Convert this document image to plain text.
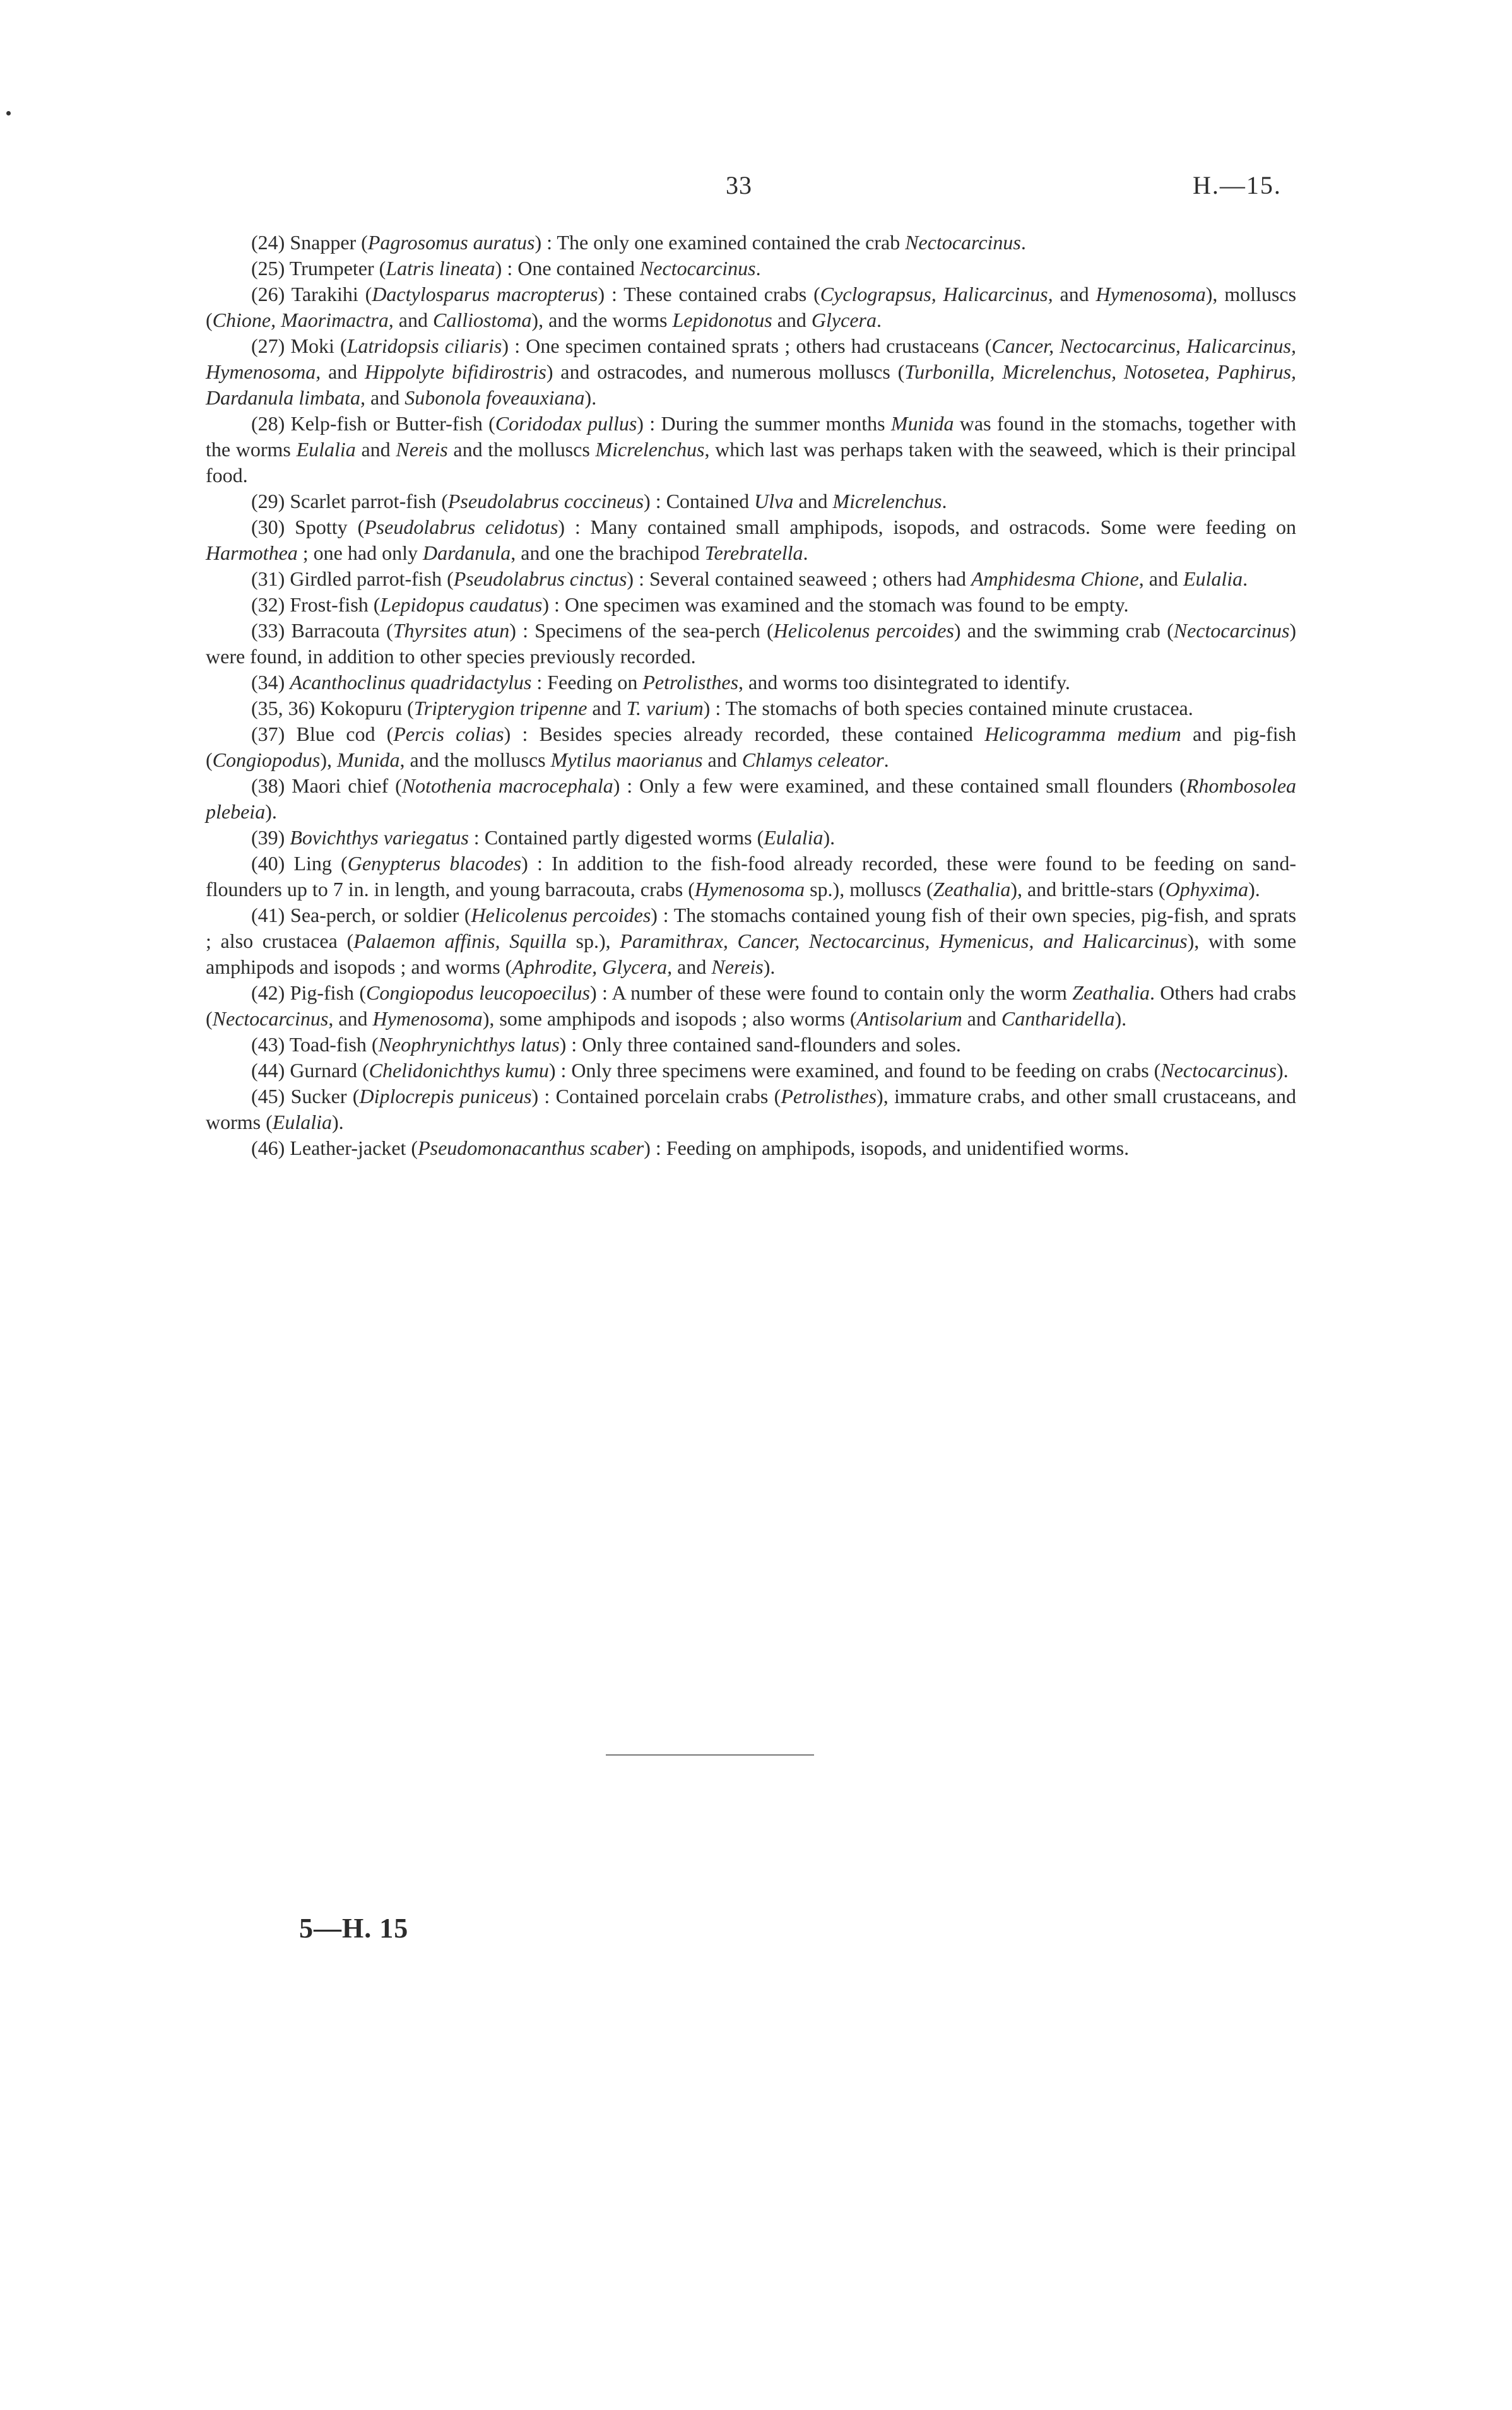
33	H.—15.

(24) Snapper (Pagrosomus auratus) : The only one examined contained the crab Nectocarcinus.

(25) Trumpeter (Latris lineata) : One contained Nectocarcinus.

(26) Tarakihi (Dactylosparus macropterus) : These contained crabs (Cyclograpsus, Halicarcinus, and Hymenosoma), molluscs (Chione, Maorimactra, and Calliostoma), and the worms Lepidonotus and Glycera.

(27) Moki (Latridopsis ciliaris) : One specimen contained sprats ; others had crustaceans (Cancer, Nectocarcinus, Halicarcinus, Hymenosoma, and Hippolyte bifidirostris) and ostracodes, and numerous molluscs (Turbonilla, Micrelenchus, Notosetea, Paphirus, Dardanula limbata, and Subonola foveauxiana).

(28) Kelp-fish or Butter-fish (Coridodax pullus) : During the summer months Munida was found in the stomachs, together with the worms Eulalia and Nereis and the molluscs Micrelenchus, which last was perhaps taken with the seaweed, which is their principal food.

(29) Scarlet parrot-fish (Pseudolabrus coccineus) : Contained Ulva and Micrelenchus.

(30) Spotty (Pseudolabrus celidotus) : Many contained small amphipods, isopods, and ostracods. Some were feeding on Harmothea ; one had only Dardanula, and one the brachipod Terebratella.

(31) Girdled parrot-fish (Pseudolabrus cinctus) : Several contained seaweed ; others had Amphidesma Chione, and Eulalia.

(32) Frost-fish (Lepidopus caudatus) : One specimen was examined and the stomach was found to be empty.

(33) Barracouta (Thyrsites atun) : Specimens of the sea-perch (Helicolenus percoides) and the swimming crab (Nectocarcinus) were found, in addition to other species previously recorded.

(34) Acanthoclinus quadridactylus : Feeding on Petrolisthes, and worms too disintegrated to identify.

(35, 36) Kokopuru (Tripterygion tripenne and T. varium) : The stomachs of both species contained minute crustacea.

(37) Blue cod (Percis colias) : Besides species already recorded, these contained Helicogramma medium and pig-fish (Congiopodus), Munida, and the molluscs Mytilus maorianus and Chlamys celeator.

(38) Maori chief (Notothenia macrocephala) : Only a few were examined, and these contained small flounders (Rhombosolea plebeia).

(39) Bovichthys variegatus : Contained partly digested worms (Eulalia).

(40) Ling (Genypterus blacodes) : In addition to the fish-food already recorded, these were found to be feeding on sand-flounders up to 7 in. in length, and young barracouta, crabs (Hymenosoma sp.), molluscs (Zeathalia), and brittle-stars (Ophyxima).

(41) Sea-perch, or soldier (Helicolenus percoides) : The stomachs contained young fish of their own species, pig-fish, and sprats ; also crustacea (Palaemon affinis, Squilla sp.), Paramithrax, Cancer, Nectocarcinus, Hymenicus, and Halicarcinus), with some amphipods and isopods ; and worms (Aphrodite, Glycera, and Nereis).

(42) Pig-fish (Congiopodus leucopoecilus) : A number of these were found to contain only the worm Zeathalia. Others had crabs (Nectocarcinus, and Hymenosoma), some amphipods and isopods ; also worms (Antisolarium and Cantharidella).

(43) Toad-fish (Neophrynichthys latus) : Only three contained sand-flounders and soles.

(44) Gurnard (Chelidonichthys kumu) : Only three specimens were examined, and found to be feeding on crabs (Nectocarcinus).

(45) Sucker (Diplocrepis puniceus) : Contained porcelain crabs (Petrolisthes), immature crabs, and other small crustaceans, and worms (Eulalia).

(46) Leather-jacket (Pseudomonacanthus scaber) : Feeding on amphipods, isopods, and unidentified worms.

5—H. 15
